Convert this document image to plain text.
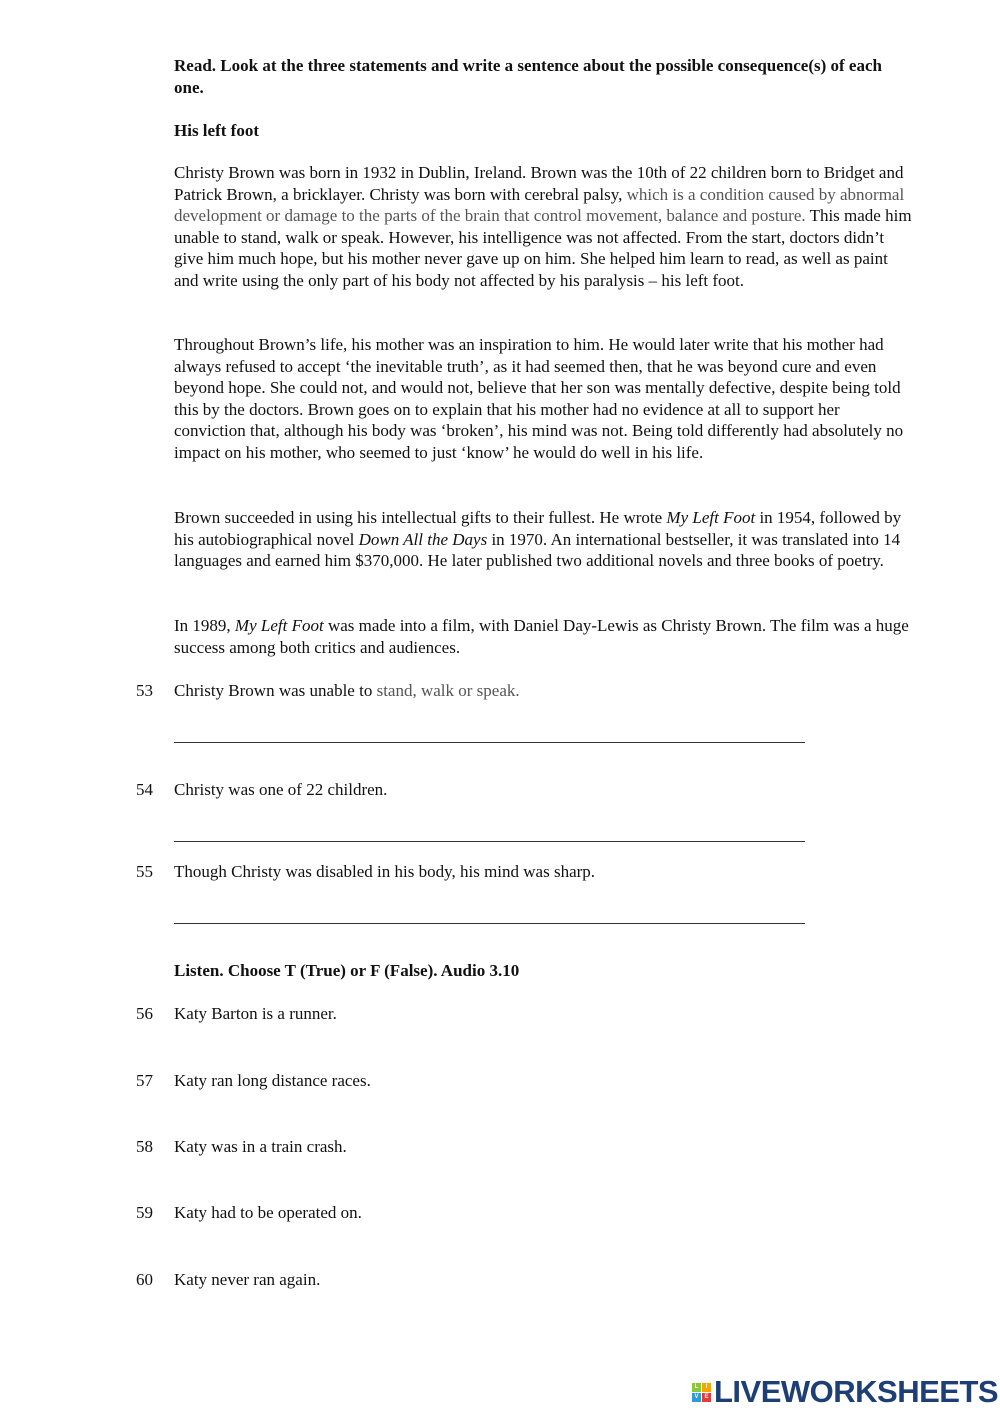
Read. Look at the three statements and write a sentence about the possible consequence(s) of each one.
His left foot
Christy Brown was born in 1932 in Dublin, Ireland. Brown was the 10th of 22 children born to Bridget and Patrick Brown, a bricklayer. Christy was born with cerebral palsy, which is a condition caused by abnormal development or damage to the parts of the brain that control movement, balance and posture. This made him unable to stand, walk or speak. However, his intelligence was not affected. From the start, doctors didn’t give him much hope, but his mother never gave up on him. She helped him learn to read, as well as paint and write using the only part of his body not affected by his paralysis – his left foot.
Throughout Brown’s life, his mother was an inspiration to him. He would later write that his mother had always refused to accept ‘the inevitable truth’, as it had seemed then, that he was beyond cure and even beyond hope. She could not, and would not, believe that her son was mentally defective, despite being told this by the doctors. Brown goes on to explain that his mother had no evidence at all to support her conviction that, although his body was ‘broken’, his mind was not. Being told differently had absolutely no impact on his mother, who seemed to just ‘know’ he would do well in his life.
Brown succeeded in using his intellectual gifts to their fullest. He wrote My Left Foot in 1954, followed by his autobiographical novel Down All the Days in 1970. An international bestseller, it was translated into 14 languages and earned him $370,000. He later published two additional novels and three books of poetry.
In 1989, My Left Foot was made into a film, with Daniel Day-Lewis as Christy Brown. The film was a huge success among both critics and audiences.
53 Christy Brown was unable to stand, walk or speak.
54 Christy was one of 22 children.
55 Though Christy was disabled in his body, his mind was sharp.
Listen. Choose T (True) or F (False). Audio 3.10
56 Katy Barton is a runner.
57 Katy ran long distance races.
58 Katy was in a train crash.
59 Katy had to be operated on.
60 Katy never ran again.
L	I
V E LIVEWORKSHEETS
